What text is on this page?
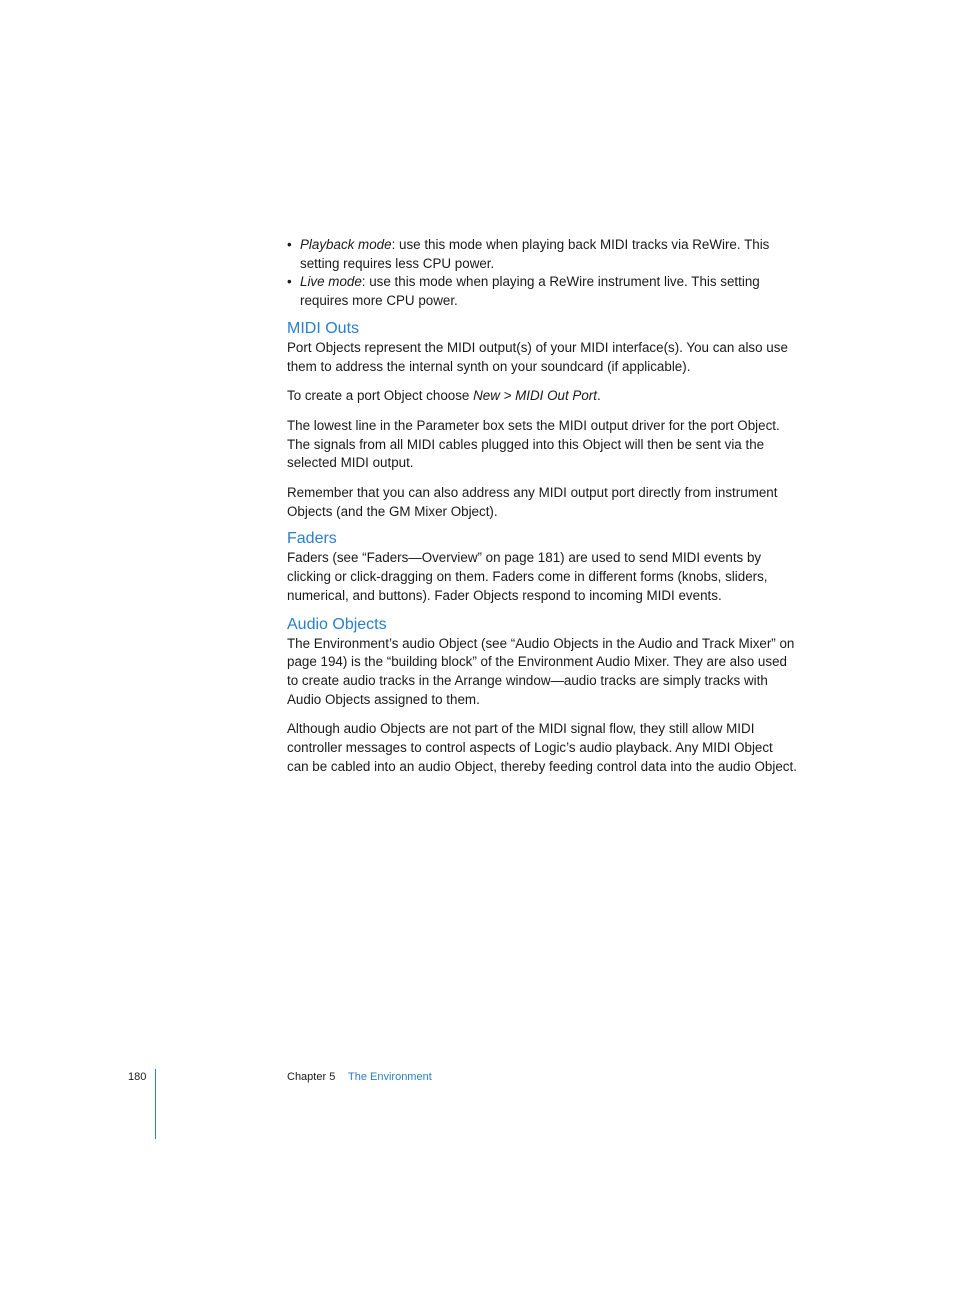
• Playback mode: use this mode when playing back MIDI tracks via ReWire. This setting requires less CPU power.
• Live mode: use this mode when playing a ReWire instrument live. This setting requires more CPU power.
MIDI Outs

Port Objects represent the MIDI output(s) of your MIDI interface(s). You can also use them to address the internal synth on your soundcard (if applicable).

To create a port Object choose New > MIDI Out Port.

The lowest line in the Parameter box sets the MIDI output driver for the port Object. The signals from all MIDI cables plugged into this Object will then be sent via the selected MIDI output.

Remember that you can also address any MIDI output port directly from instrument Objects (and the GM Mixer Object).

Faders

Faders (see “Faders—Overview” on page 181) are used to send MIDI events by clicking or click-dragging on them. Faders come in different forms (knobs, sliders, numerical, and buttons). Fader Objects respond to incoming MIDI events.

Audio Objects

The Environment’s audio Object (see “Audio Objects in the Audio and Track Mixer” on page 194) is the “building block” of the Environment Audio Mixer. They are also used to create audio tracks in the Arrange window—audio tracks are simply tracks with Audio Objects assigned to them.

Although audio Objects are not part of the MIDI signal flow, they still allow MIDI controller messages to control aspects of Logic’s audio playback. Any MIDI Object can be cabled into an audio Object, thereby feeding control data into the audio Object.

180	Chapter 5 The Environment
